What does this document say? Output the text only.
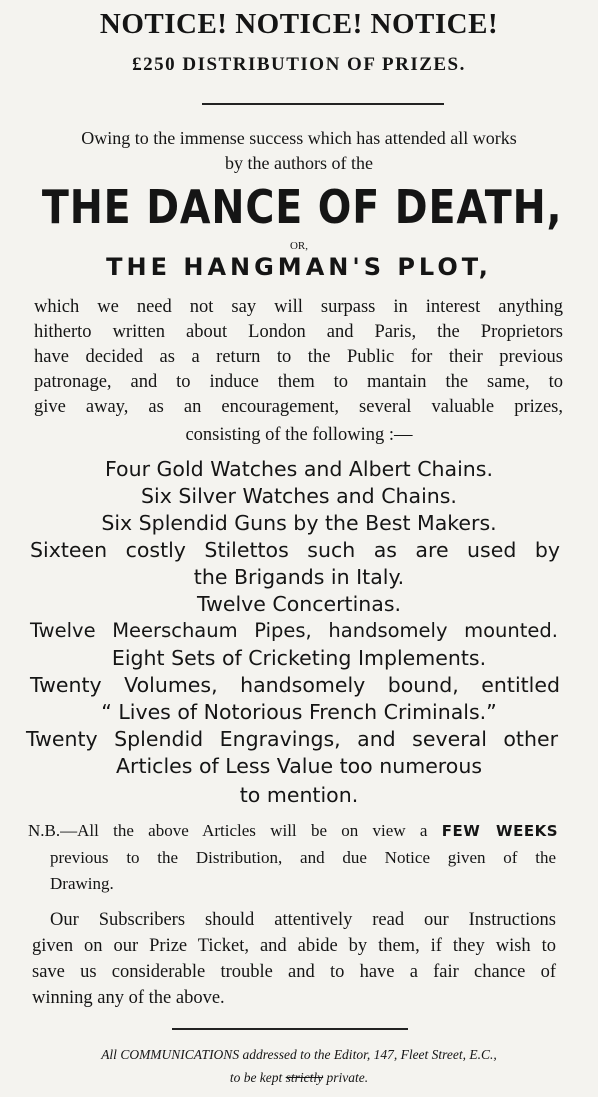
NOTICE! NOTICE! NOTICE!
£250 DISTRIBUTION OF PRIZES.
Owing to the immense success which has attended all works
by the authors of the
THE DANCE OF DEATH,
OR,
THE HANGMAN'S PLOT,
which we need not say will surpass in interest anything
hitherto written about London and Paris, the Proprietors
have decided as a return to the Public for their previous
patronage, and to induce them to mantain the same, to
give away, as an encouragement, several valuable prizes,
consisting of the following :—
Four Gold Watches and Albert Chains.
Six Silver Watches and Chains.
Six Splendid Guns by the Best Makers.
Sixteen costly Stilettos such as are used by
the Brigands in Italy.
Twelve Concertinas.
Twelve Meerschaum Pipes, handsomely mounted.
Eight Sets of Cricketing Implements.
Twenty Volumes, handsomely bound, entitled
“ Lives of Notorious French Criminals.”
Twenty Splendid Engravings, and several other
Articles of Less Value too numerous
to mention.
N.B.—All the above Articles will be on view a FEW WEEKS
previous to the Distribution, and due Notice given of the
Drawing.
Our Subscribers should attentively read our Instructions
given on our Prize Ticket, and abide by them, if they wish to
save us considerable trouble and to have a fair chance of
winning any of the above.
All COMMUNICATIONS addressed to the Editor, 147, Fleet Street, E.C.,
to be kept strictly private.
